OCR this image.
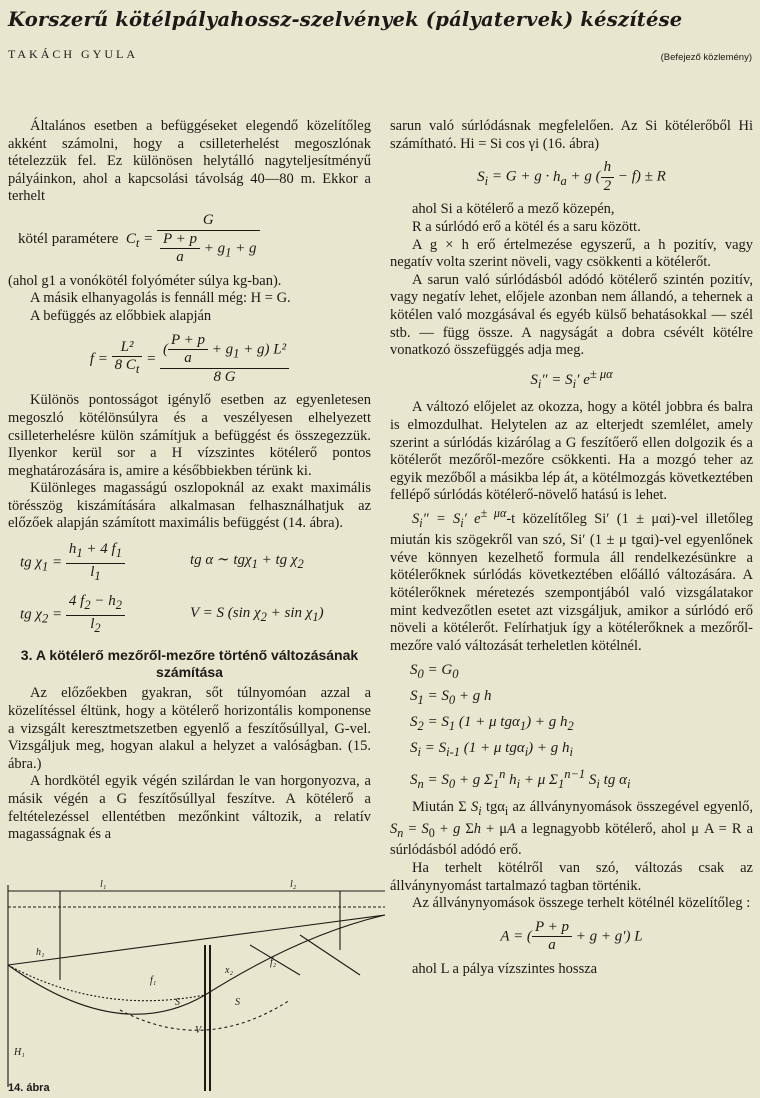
Korszerű kötélpályahossz-szelvények (pályatervek) készítése
TAKÁCH GYULA	(Befejező közlemény)

Általános esetben a befüggéseket elegendő közelítőleg akként számolni, hogy a csilleterhelést megoszlónak tételezzük fel. Ez különösen helytálló nagyteljesítményű pályáinkon, ahol a kapcsolási távolság 40—80 m. Ekkor a terhelt

kötél paramétere $C_t = \frac{G}{\frac{P + p}{a} + g_1 + g}$

(ahol g1 a vonókötél folyóméter súlya kg-ban).

A másik elhanyagolás is fennáll még: H = G.

A befüggés az előbbiek alapján

$f = \frac{\text{L²}}{8 C_t} = \frac{( \frac{P + p}{a} + g_1 + g) L^2}{8 G}$

Különös pontosságot igénylő esetben az egyenletesen megoszló kötélönsúlyra és a veszélyesen elhelyezett csilleterhelésre külön számítjuk a befüggést és összegezzük. Ilyenkor kerül sor a H vízszintes kötélerő pontos meghatározására is, amire a későbbiekben térünk ki.

Különleges magasságú oszlopoknál az exakt maximális törésszög kiszámítására alkalmasan felhasználhatjuk az előzőek alapján számított maximális befüggést (14. ábra).

tg $\chi_1 = \frac{h_1 + 4 f_1}{l_1}$	tg α ∼ tgχ$_1$ + tg $\chi_2$
tg $\chi_2 = \frac{4 f_2 - h_2}{l_2}$	V = S (sin $\chi_2 + \sin \chi_1$)
3. A kötélerő mezőről-mezőre történő változásának számítása

Az előzőekben gyakran, sőt túlnyomóan azzal a közelítéssel éltünk, hogy a kötélerő horizontális komponense a vizsgált keresztmetszetben egyenlő a feszítősúllyal, G-vel. Vizsgáljuk meg, hogyan alakul a helyzet a valóságban. (15. ábra.)

A hordkötél egyik végén szilárdan le van horgonyozva, a másik végén a G feszítősúllyal feszítve. A kötélerő a feltételezéssel ellentétben mezőnkint változik, a relatív magasságnak és a

l₁	l₂
h₁
H₁
f₁
f₂
x₂
S	S
V
14. ábra

sarun való súrlódásnak megfelelően. Az Si kötélerőből Hi számítható. Hi = Si cos γi (16. ábra)

$S_i = G + g \cdot h_a + g$ ( $\frac{h}{2} - f) \pm R$

ahol Si a kötélerő a mező közepén,

R a súrlódó erő a kötél és a saru között.

A g × h erő értelmezése egyszerű, a h pozitív, vagy negatív volta szerint növeli, vagy csökkenti a kötélerőt.

A sarun való súrlódásból adódó kötélerő szintén pozitív, vagy negatív lehet, előjele azonban nem állandó, a tehernek a kötélen való mozgásával és egyéb külső behatásokkal — szél stb. — függ össze. A nagyságát a dobra csévélt kötélre vonatkozó összefüggés adja meg.

$S_i'' = S_i'$ $e^{\pm \mu\alpha}$

A változó előjelet az okozza, hogy a kötél jobbra és balra is elmozdulhat. Helytelen az az elterjedt szemlélet, amely szerint a súrlódás kizárólag a G feszítőerő ellen dolgozik és a kötélerőt mezőről-mezőre csökkenti. Ha a mozgó teher az egyik mezőből a másikba lép át, a kötélmozgás következtében fellépő súrlódás kötélerő-növelő hatású is lehet.

$S_i'' = S_i'$ $e^{\pm \mu\alpha}-t$ közelítőleg Si′ (1 ± μαi)-vel illetőleg miután kis szögekről van szó, Si′ (1 ± μ tgαi)-vel egyenlőnek véve könnyen kezelhető formula áll rendelkezésünkre a kötélerőknek súrlódás következtében előálló változására. A kötélerőknek méretezés szempontjából való vizsgálatakor mint kedvezőtlen esetet azt vizsgáljuk, amikor a súrlódó erő növeli a kötélerőt. Felírhatjuk így a kötélerőknek a mezőről-mezőre való változását terheletlen kötélnél.

$S_0 = G_0$
$S_1 = S_0 + g$ h
$S_2 = S_1$ (1 + μ tgα$_1$) + g $h_2$
$S_i = S_{i-1}$ (1 + μ tgα$_i$) + g $h_i$
$S_n = S_0 + g$ $\Sigma_1^n$ $h_i + \mu$ $\Sigma_1^{n-1}$ $S_i$ tg $\alpha_i$

Miután Σ $S_i$ tgα$_i$ az állványnyomások összegével egyenlő, $S_n = S_0 + g$ Σh + μA a legnagyobb kötélerő, ahol μ A = R a súrlódásból adódó erő.

Ha terhelt kötélről van szó, változás csak az állványnyomást tartalmazó tagban történik.

Az állványnyomások összege terhelt kötélnél közelítőleg :

A = ( $\frac{P + p}{a} + g + g'$) L

ahol L a pálya vízszintes hossza
